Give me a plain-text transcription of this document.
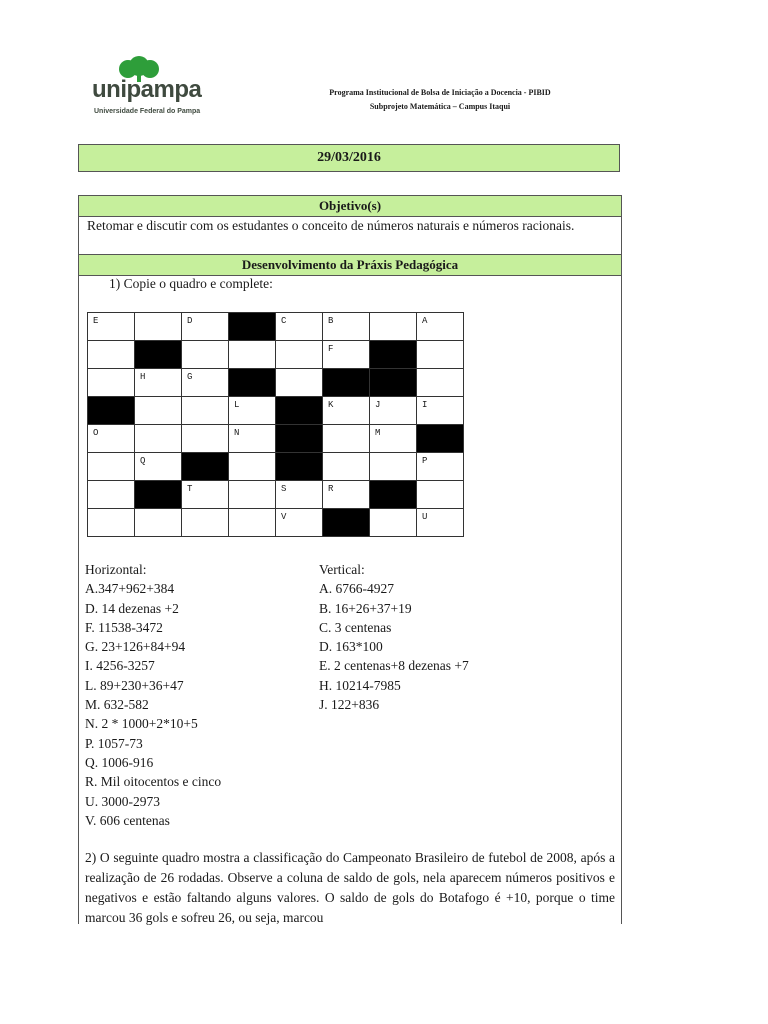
unipampa
Universidade Federal do Pampa
Programa Institucional de Bolsa de Iniciação a Docencia - PIBID
Subprojeto Matemática – Campus Itaqui
29/03/2016
Objetivo(s)
Retomar e discutir com os estudantes o conceito de números naturais e números racionais.
Desenvolvimento da Práxis Pedagógica
1) Copie o quadro e complete:
E		D		C	B		A

					F		

	H	G					

			L		K	J	I

O			N			M	

	Q						P

		T		S	R		

				V			U
Horizontal:
A.347+962+384
D. 14 dezenas +2
F. 11538-3472
G. 23+126+84+94
I. 4256-3257
L. 89+230+36+47
M. 632-582
N. 2 * 1000+2*10+5
P. 1057-73
Q. 1006-916
R. Mil oitocentos e cinco
U. 3000-2973
V. 606 centenas
Vertical:
A. 6766-4927
B. 16+26+37+19
C. 3 centenas
D. 163*100
E. 2 centenas+8 dezenas +7
H. 10214-7985
J. 122+836
2) O seguinte quadro mostra a classificação do Campeonato Brasileiro de futebol de 2008, após a realização de 26 rodadas. Observe a coluna de saldo de gols, nela aparecem números positivos e negativos e estão faltando alguns valores. O saldo de gols do Botafogo é +10, porque o time marcou 36 gols e sofreu 26, ou seja, marcou
